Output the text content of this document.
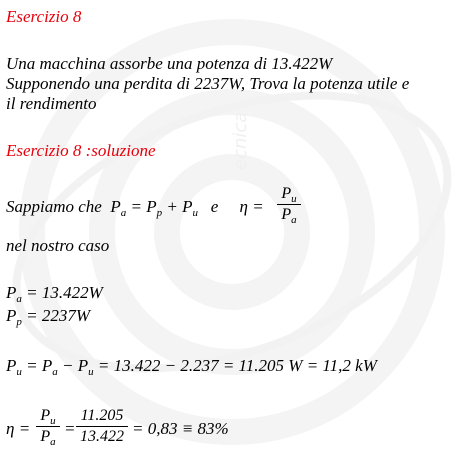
ecnica
Esercizio 8
Una macchina assorbe una potenza di 13.422W
Supponendo una perdita di 2237W, Trova la potenza utile e
il rendimento
Esercizio 8 :soluzione
Sappiamo che $P_a = P_p + P_u$ e η =
$P_u$
$P_a$
nel nostro caso
$P_a = 13.422W$
$P_p = 2237W$
$P_u = P_a - P_u = 13.422 - 2.237 = 11.205$ W = 11,2 kW
η =
$P_u$
$P_a$
=
11.205
13.422 = 0,83 ≡ 83%
